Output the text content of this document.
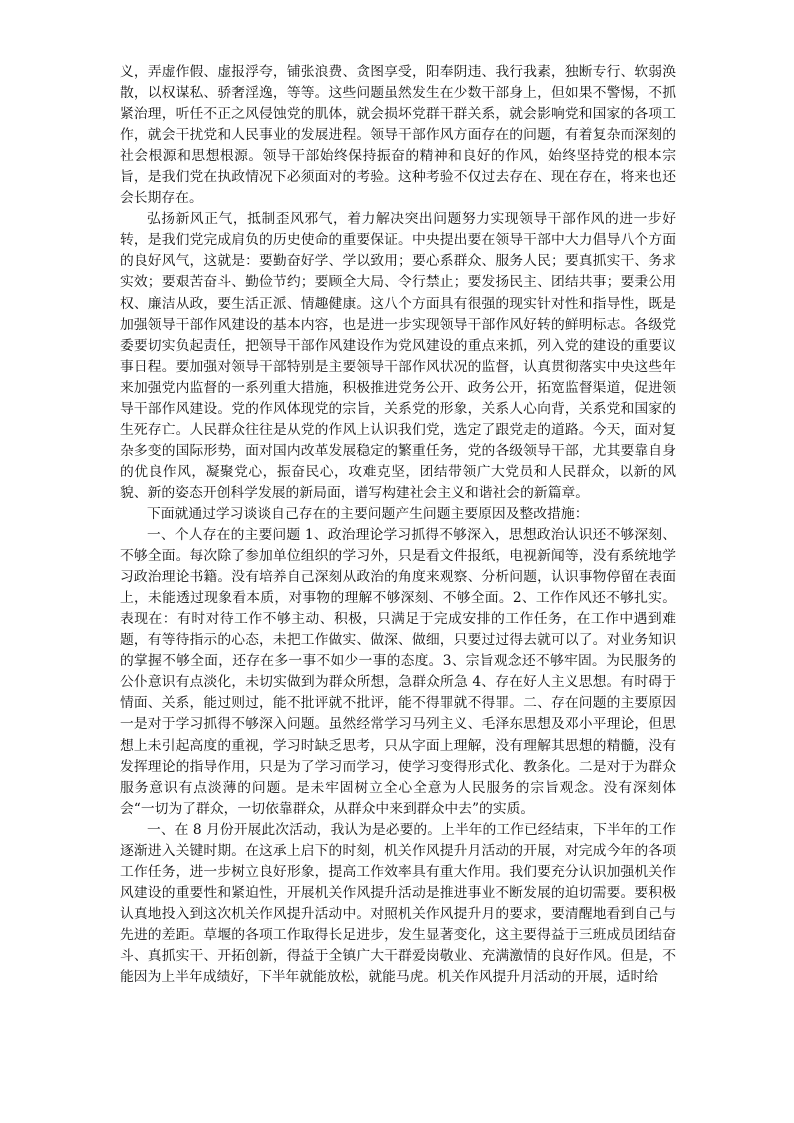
义，弄虚作假、虚报浮夸，铺张浪费、贪图享受，阳奉阴违、我行我素，独断专行、软弱涣散，以权谋私、骄奢淫逸，等等。这些问题虽然发生在少数干部身上，但如果不警惕，不抓紧治理，听任不正之风侵蚀党的肌体，就会损坏党群干群关系，就会影响党和国家的各项工作，就会干扰党和人民事业的发展进程。领导干部作风方面存在的问题，有着复杂而深刻的社会根源和思想根源。领导干部始终保持振奋的精神和良好的作风，始终坚持党的根本宗旨，是我们党在执政情况下必须面对的考验。这种考验不仅过去存在、现在存在，将来也还会长期存在。

弘扬新风正气，抵制歪风邪气，着力解决突出问题努力实现领导干部作风的进一步好转，是我们党完成肩负的历史使命的重要保证。中央提出要在领导干部中大力倡导八个方面的良好风气，这就是：要勤奋好学、学以致用；要心系群众、服务人民；要真抓实干、务求实效；要艰苦奋斗、勤俭节约；要顾全大局、令行禁止；要发扬民主、团结共事；要秉公用权、廉洁从政，要生活正派、情趣健康。这八个方面具有很强的现实针对性和指导性，既是加强领导干部作风建设的基本内容，也是进一步实现领导干部作风好转的鲜明标志。各级党委要切实负起责任，把领导干部作风建设作为党风建设的重点来抓，列入党的建设的重要议事日程。要加强对领导干部特别是主要领导干部作风状况的监督，认真贯彻落实中央这些年来加强党内监督的一系列重大措施，积极推进党务公开、政务公开，拓宽监督渠道，促进领导干部作风建设。党的作风体现党的宗旨，关系党的形象，关系人心向背，关系党和国家的生死存亡。人民群众往往是从党的作风上认识我们党，选定了跟党走的道路。今天，面对复杂多变的国际形势，面对国内改革发展稳定的繁重任务，党的各级领导干部，尤其要靠自身的优良作风，凝聚党心，振奋民心，攻难克坚，团结带领广大党员和人民群众，以新的风貌、新的姿态开创科学发展的新局面，谱写构建社会主义和谐社会的新篇章。

下面就通过学习谈谈自己存在的主要问题产生问题主要原因及整改措施：

一、个人存在的主要问题 1、政治理论学习抓得不够深入，思想政治认识还不够深刻、不够全面。每次除了参加单位组织的学习外，只是看文件报纸，电视新闻等，没有系统地学习政治理论书籍。没有培养自己深刻从政治的角度来观察、分析问题，认识事物停留在表面上，未能透过现象看本质，对事物的理解不够深刻、不够全面。2、工作作风还不够扎实。表现在：有时对待工作不够主动、积极，只满足于完成安排的工作任务，在工作中遇到难题，有等待指示的心态，未把工作做实、做深、做细，只要过过得去就可以了。对业务知识的掌握不够全面，还存在多一事不如少一事的态度。3、宗旨观念还不够牢固。为民服务的公仆意识有点淡化，未切实做到为群众所想，急群众所急 4、存在好人主义思想。有时碍于情面、关系，能过则过，能不批评就不批评，能不得罪就不得罪。二、存在问题的主要原因一是对于学习抓得不够深入问题。虽然经常学习马列主义、毛泽东思想及邓小平理论，但思想上未引起高度的重视，学习时缺乏思考，只从字面上理解，没有理解其思想的精髓，没有发挥理论的指导作用，只是为了学习而学习，使学习变得形式化、教条化。二是对于为群众服务意识有点淡薄的问题。是未牢固树立全心全意为人民服务的宗旨观念。没有深刻体会“一切为了群众，一切依靠群众，从群众中来到群众中去”的实质。

一、在 8 月份开展此次活动，我认为是必要的。上半年的工作已经结束，下半年的工作逐渐进入关键时期。在这承上启下的时刻，机关作风提升月活动的开展，对完成今年的各项工作任务，进一步树立良好形象，提高工作效率具有重大作用。我们要充分认识加强机关作风建设的重要性和紧迫性，开展机关作风提升活动是推进事业不断发展的迫切需要。要积极认真地投入到这次机关作风提升活动中。对照机关作风提升月的要求，要清醒地看到自己与先进的差距。草堰的各项工作取得长足进步，发生显著变化，这主要得益于三班成员团结奋斗、真抓实干、开拓创新，得益于全镇广大干群爱岗敬业、充满激情的良好作风。但是，不能因为上半年成绩好，下半年就能放松，就能马虎。机关作风提升月活动的开展，适时给
